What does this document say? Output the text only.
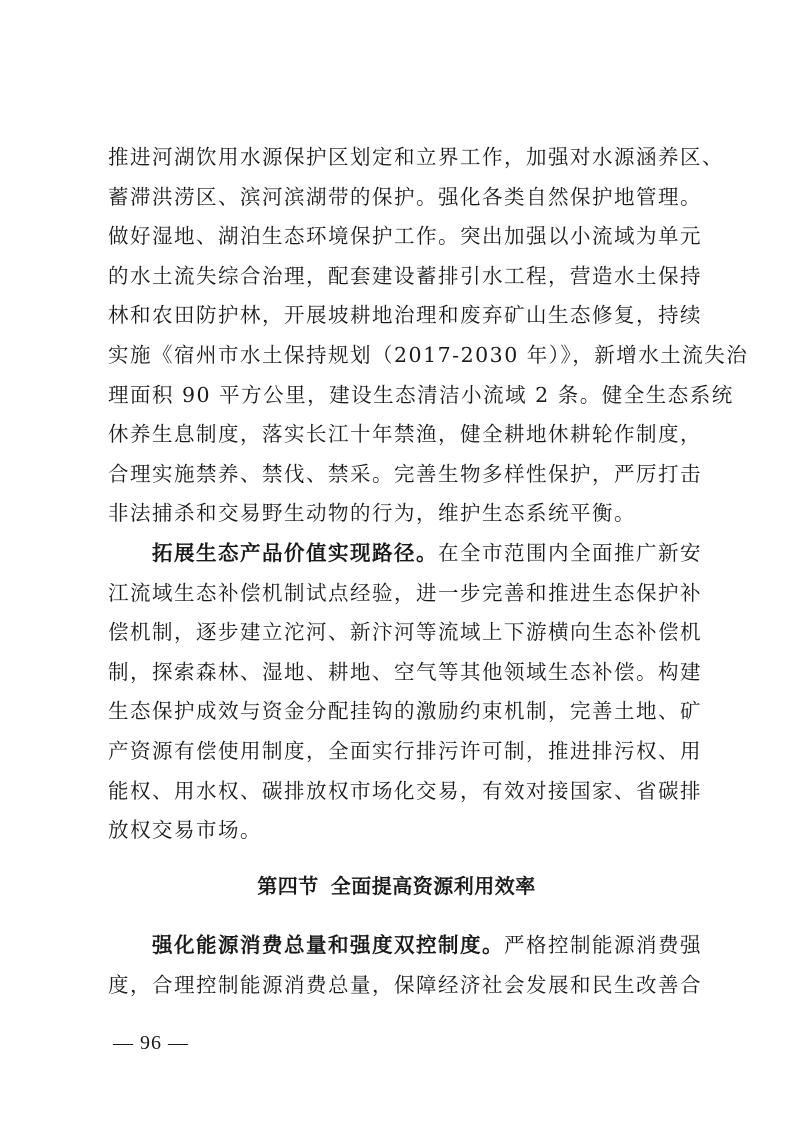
推进河湖饮用水源保护区划定和立界工作，加强对水源涵养区、
蓄滞洪涝区、滨河滨湖带的保护。强化各类自然保护地管理。
做好湿地、湖泊生态环境保护工作。突出加强以小流域为单元
的水土流失综合治理，配套建设蓄排引水工程，营造水土保持
林和农田防护林，开展坡耕地治理和废弃矿山生态修复，持续
实施《宿州市水土保持规划（2017-2030 年）》，新增水土流失治
理面积 90 平方公里，建设生态清洁小流域 2 条。健全生态系统
休养生息制度，落实长江十年禁渔，健全耕地休耕轮作制度，
合理实施禁养、禁伐、禁采。完善生物多样性保护，严厉打击
非法捕杀和交易野生动物的行为，维护生态系统平衡。
拓展生态产品价值实现路径。在全市范围内全面推广新安
江流域生态补偿机制试点经验，进一步完善和推进生态保护补
偿机制，逐步建立沱河、新汴河等流域上下游横向生态补偿机
制，探索森林、湿地、耕地、空气等其他领域生态补偿。构建
生态保护成效与资金分配挂钩的激励约束机制，完善土地、矿
产资源有偿使用制度，全面实行排污许可制，推进排污权、用
能权、用水权、碳排放权市场化交易，有效对接国家、省碳排
放权交易市场。
第四节 全面提高资源利用效率
强化能源消费总量和强度双控制度。严格控制能源消费强
度，合理控制能源消费总量，保障经济社会发展和民生改善合
— 96 —
